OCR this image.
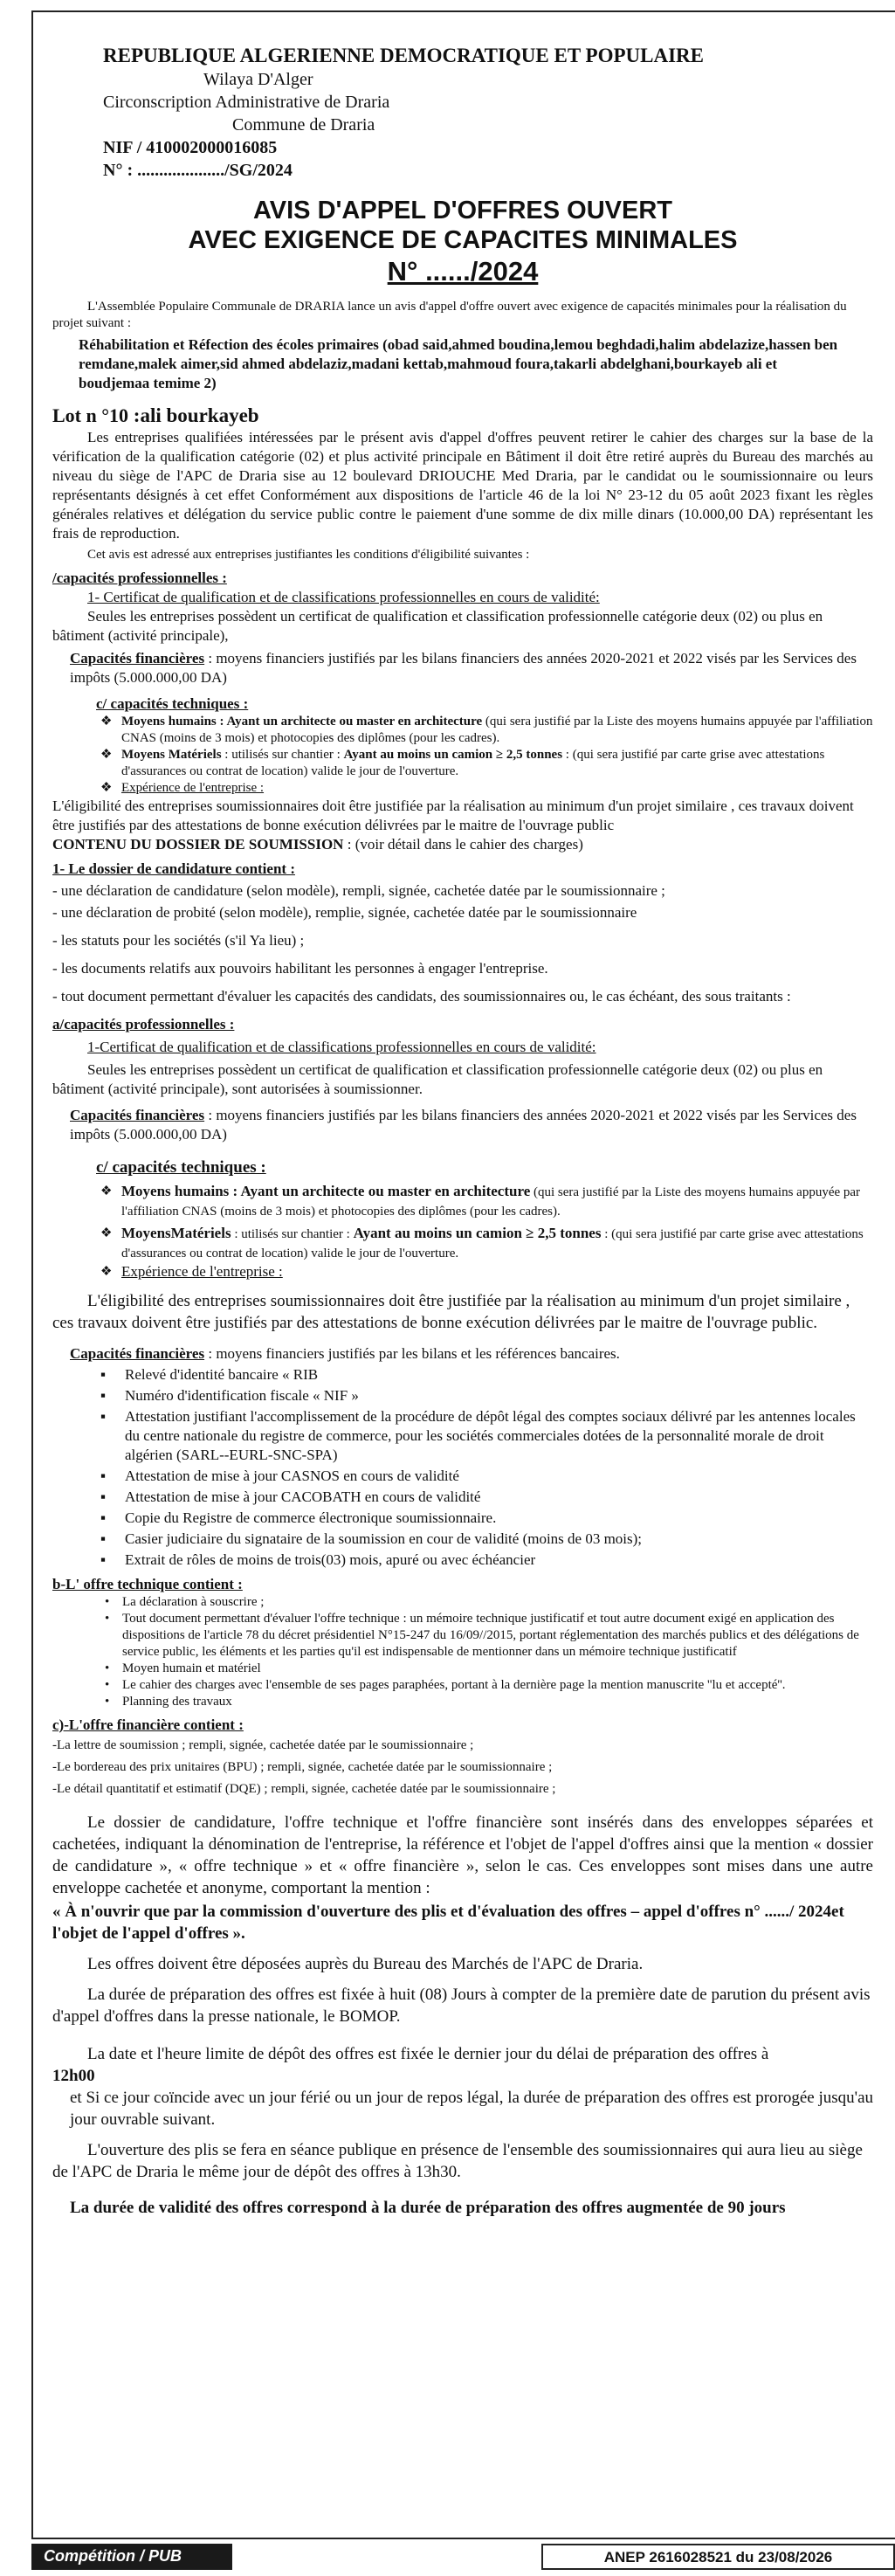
REPUBLIQUE ALGERIENNE DEMOCRATIQUE ET POPULAIRE
Wilaya D'Alger
Circonscription Administrative de Draria
Commune de Draria
NIF / 410002000016085
N° : ..................../SG/2024
AVIS D'APPEL D'OFFRES OUVERT
AVEC EXIGENCE DE CAPACITES MINIMALES
N° ....../2024

L'Assemblée Populaire Communale de DRARIA lance un avis d'appel d'offre ouvert avec exigence de capacités minimales pour la réalisation du projet suivant :

Réhabilitation et Réfection des écoles primaires (obad said,ahmed boudina,lemou beghdadi,halim abdelazize,hassen ben remdane,malek aimer,sid ahmed abdelaziz,madani kettab,mahmoud foura,takarli abdelghani,bourkayeb ali et boudjemaa temime 2)

Lot n °10 :ali bourkayeb

Les entreprises qualifiées intéressées par le présent avis d'appel d'offres peuvent retirer le cahier des charges sur la base de la vérification de la qualification catégorie (02) et plus activité principale en Bâtiment il doit être retiré auprès du Bureau des marchés au niveau du siège de l'APC de Draria sise au 12 boulevard DRIOUCHE Med Draria, par le candidat ou le soumissionnaire ou leurs représentants désignés à cet effet Conformément aux dispositions de l'article 46 de la loi N° 23-12 du 05 août 2023 fixant les règles générales relatives et délégation du service public contre le paiement d'une somme de dix mille dinars (10.000,00 DA) représentant les frais de reproduction.

Cet avis est adressé aux entreprises justifiantes les conditions d'éligibilité suivantes :

/capacités professionnelles :
1- Certificat de qualification et de classifications professionnelles en cours de validité:

Seules les entreprises possèdent un certificat de qualification et classification professionnelle catégorie deux (02) ou plus en bâtiment (activité principale),

Capacités financières : moyens financiers justifiés par les bilans financiers des années 2020-2021 et 2022 visés par les Services des impôts (5.000.000,00 DA)

c/ capacités techniques :
❖ Moyens humains : Ayant un architecte ou master en architecture (qui sera justifié par la Liste des moyens humains appuyée par l'affiliation CNAS (moins de 3 mois) et photocopies des diplômes (pour les cadres).
❖ Moyens Matériels : utilisés sur chantier : Ayant au moins un camion ≥ 2,5 tonnes : (qui sera justifié par carte grise avec attestations d'assurances ou contrat de location) valide le jour de l'ouverture.
❖ Expérience de l'entreprise :

L'éligibilité des entreprises soumissionnaires doit être justifiée par la réalisation au minimum d'un projet similaire , ces travaux doivent être justifiés par des attestations de bonne exécution délivrées par le maitre de l'ouvrage public

CONTENU DU DOSSIER DE SOUMISSION : (voir détail dans le cahier des charges)

1- Le dossier de candidature contient :

- une déclaration de candidature (selon modèle), rempli, signée, cachetée datée par le soumissionnaire ;

- une déclaration de probité (selon modèle), remplie, signée, cachetée datée par le soumissionnaire

- les statuts pour les sociétés (s'il Ya lieu) ;

- les documents relatifs aux pouvoirs habilitant les personnes à engager l'entreprise.

- tout document permettant d'évaluer les capacités des candidats, des soumissionnaires ou, le cas échéant, des sous traitants :

a/capacités professionnelles :
1-Certificat de qualification et de classifications professionnelles en cours de validité:

Seules les entreprises possèdent un certificat de qualification et classification professionnelle catégorie deux (02) ou plus en bâtiment (activité principale), sont autorisées à soumissionner.

Capacités financières : moyens financiers justifiés par les bilans financiers des années 2020-2021 et 2022 visés par les Services des impôts (5.000.000,00 DA)

c/ capacités techniques :
❖ Moyens humains : Ayant un architecte ou master en architecture (qui sera justifié par la Liste des moyens humains appuyée par l'affiliation CNAS (moins de 3 mois) et photocopies des diplômes (pour les cadres).
❖ MoyensMatériels : utilisés sur chantier : Ayant au moins un camion ≥ 2,5 tonnes : (qui sera justifié par carte grise avec attestations d'assurances ou contrat de location) valide le jour de l'ouverture.
❖ Expérience de l'entreprise :

L'éligibilité des entreprises soumissionnaires doit être justifiée par la réalisation au minimum d'un projet similaire , ces travaux doivent être justifiés par des attestations de bonne exécution délivrées par le maitre de l'ouvrage public.

Capacités financières : moyens financiers justifiés par les bilans et les références bancaires.

▪ Relevé d'identité bancaire « RIB
▪ Numéro d'identification fiscale « NIF »
▪ Attestation justifiant l'accomplissement de la procédure de dépôt légal des comptes sociaux délivré par les antennes locales du centre nationale du registre de commerce, pour les sociétés commerciales dotées de la personnalité morale de droit algérien (SARL--EURL-SNC-SPA)
▪ Attestation de mise à jour CASNOS en cours de validité
▪ Attestation de mise à jour CACOBATH en cours de validité
▪ Copie du Registre de commerce électronique soumissionnaire.
▪ Casier judiciaire du signataire de la soumission en cour de validité (moins de 03 mois);
▪ Extrait de rôles de moins de trois(03) mois, apuré ou avec échéancier
b-L' offre technique contient :
• La déclaration à souscrire ;
• Tout document permettant d'évaluer l'offre technique : un mémoire technique justificatif et tout autre document exigé en application des dispositions de l'article 78 du décret présidentiel N°15-247 du 16/09//2015, portant réglementation des marchés publics et des délégations de service public, les éléments et les parties qu'il est indispensable de mentionner dans un mémoire technique justificatif
• Moyen humain et matériel
• Le cahier des charges avec l'ensemble de ses pages paraphées, portant à la dernière page la mention manuscrite ''lu et accepté''.
• Planning des travaux
c)-L'offre financière contient :

-La lettre de soumission ; rempli, signée, cachetée datée par le soumissionnaire ;

-Le bordereau des prix unitaires (BPU) ; rempli, signée, cachetée datée par le soumissionnaire ;

-Le détail quantitatif et estimatif (DQE) ; rempli, signée, cachetée datée par le soumissionnaire ;

Le dossier de candidature, l'offre technique et l'offre financière sont insérés dans des enveloppes séparées et cachetées, indiquant la dénomination de l'entreprise, la référence et l'objet de l'appel d'offres ainsi que la mention « dossier de candidature », « offre technique » et « offre financière », selon le cas. Ces enveloppes sont mises dans une autre enveloppe cachetée et anonyme, comportant la mention :

« À n'ouvrir que par la commission d'ouverture des plis et d'évaluation des offres – appel d'offres n° ....../ 2024et l'objet de l'appel d'offres ».

Les offres doivent être déposées auprès du Bureau des Marchés de l'APC de Draria.

La durée de préparation des offres est fixée à huit (08) Jours à compter de la première date de parution du présent avis d'appel d'offres dans la presse nationale, le BOMOP.

La date et l'heure limite de dépôt des offres est fixée le dernier jour du délai de préparation des offres à

12h00

et Si ce jour coïncide avec un jour férié ou un jour de repos légal, la durée de préparation des offres est prorogée jusqu'au jour ouvrable suivant.

L'ouverture des plis se fera en séance publique en présence de l'ensemble des soumissionnaires qui aura lieu au siège de l'APC de Draria le même jour de dépôt des offres à 13h30.

La durée de validité des offres correspond à la durée de préparation des offres augmentée de 90 jours

Compétition / PUB	ANEP 2616028521 du 23/08/2026
